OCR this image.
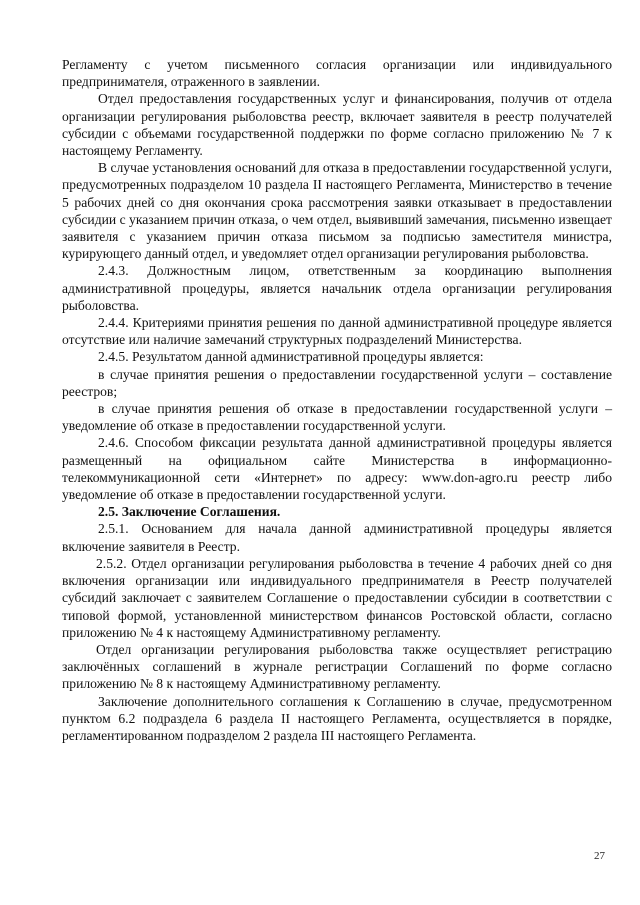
Регламенту с учетом письменного согласия организации или индивидуального предпринимателя, отраженного в заявлении.

Отдел предоставления государственных услуг и финансирования, получив от отдела организации регулирования рыболовства реестр, включает заявителя в реестр получателей субсидии с объемами государственной поддержки по форме согласно приложению № 7 к настоящему Регламенту.

В случае установления оснований для отказа в предоставлении государственной услуги, предусмотренных подразделом 10 раздела II настоящего Регламента, Министерство в течение 5 рабочих дней со дня окончания срока рассмотрения заявки отказывает в предоставлении субсидии с указанием причин отказа, о чем отдел, выявивший замечания, письменно извещает заявителя с указанием причин отказа письмом за подписью заместителя министра, курирующего данный отдел, и уведомляет отдел организации регулирования рыболовства.

2.4.3. Должностным лицом, ответственным за координацию выполнения административной процедуры, является начальник отдела организации регулирования рыболовства.

2.4.4. Критериями принятия решения по данной административной процедуре является отсутствие или наличие замечаний структурных подразделений Министерства.

2.4.5. Результатом данной административной процедуры является:

в случае принятия решения о предоставлении государственной услуги – составление реестров;

в случае принятия решения об отказе в предоставлении государственной услуги – уведомление об отказе в предоставлении государственной услуги.

2.4.6. Способом фиксации результата данной административной процедуры является размещенный на официальном сайте Министерства в информационно-телекоммуникационной сети «Интернет» по адресу: www.don-agro.ru реестр либо уведомление об отказе в предоставлении государственной услуги.

2.5. Заключение Соглашения.

2.5.1. Основанием для начала данной административной процедуры является включение заявителя в Реестр.

2.5.2. Отдел организации регулирования рыболовства в течение 4 рабочих дней со дня включения организации или индивидуального предпринимателя в Реестр получателей субсидий заключает с заявителем Соглашение о предоставлении субсидии в соответствии с типовой формой, установленной министерством финансов Ростовской области, согласно приложению № 4 к настоящему Административному регламенту.

Отдел организации регулирования рыболовства также осуществляет регистрацию заключённых соглашений в журнале регистрации Соглашений по форме согласно приложению № 8 к настоящему Административному регламенту.

Заключение дополнительного соглашения к Соглашению в случае, предусмотренном пунктом 6.2 подраздела 6 раздела II настоящего Регламента, осуществляется в порядке, регламентированном подразделом 2 раздела III настоящего Регламента.

27
